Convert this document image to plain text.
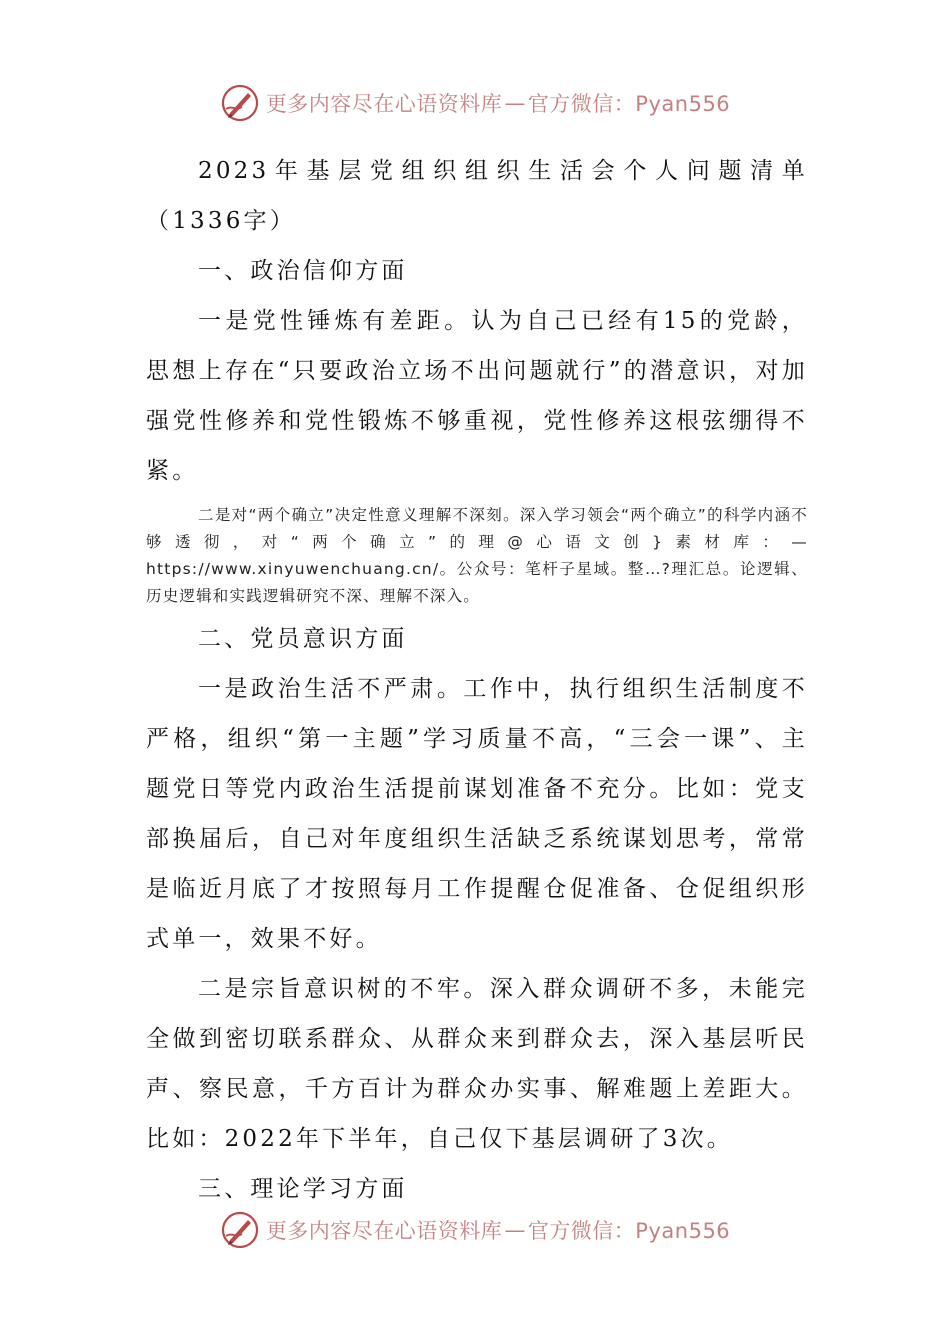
更多内容尽在心语资料库 — 官方微信：Pyan556

2023年基层党组织组织生活会个人问题清单（1336字）

一、政治信仰方面

一是党性锤炼有差距。认为自己已经有15的党龄，思想上存在“只要政治立场不出问题就行”的潜意识，对加强党性修养和党性锻炼不够重视，党性修养这根弦绷得不紧。

二是对“两个确立”决定性意义理解不深刻。深入学习领会“两个确立”的科学内涵不够透彻，对“两个确立”的理@心语文创}素材库：—https://www.xinyuwenchuang.cn/。公众号：笔杆子星域。整…?理汇总。论逻辑、历史逻辑和实践逻辑研究不深、理解不深入。

二、党员意识方面

一是政治生活不严肃。工作中，执行组织生活制度不严格，组织“第一主题”学习质量不高，“三会一课”、主题党日等党内政治生活提前谋划准备不充分。比如：党支部换届后，自己对年度组织生活缺乏系统谋划思考，常常是临近月底了才按照每月工作提醒仓促准备、仓促组织形式单一，效果不好。

二是宗旨意识树的不牢。深入群众调研不多，未能完全做到密切联系群众、从群众来到群众去，深入基层听民声、察民意，千方百计为群众办实事、解难题上差距大。比如：2022年下半年，自己仅下基层调研了3次。

三、理论学习方面

更多内容尽在心语资料库 — 官方微信：Pyan556
